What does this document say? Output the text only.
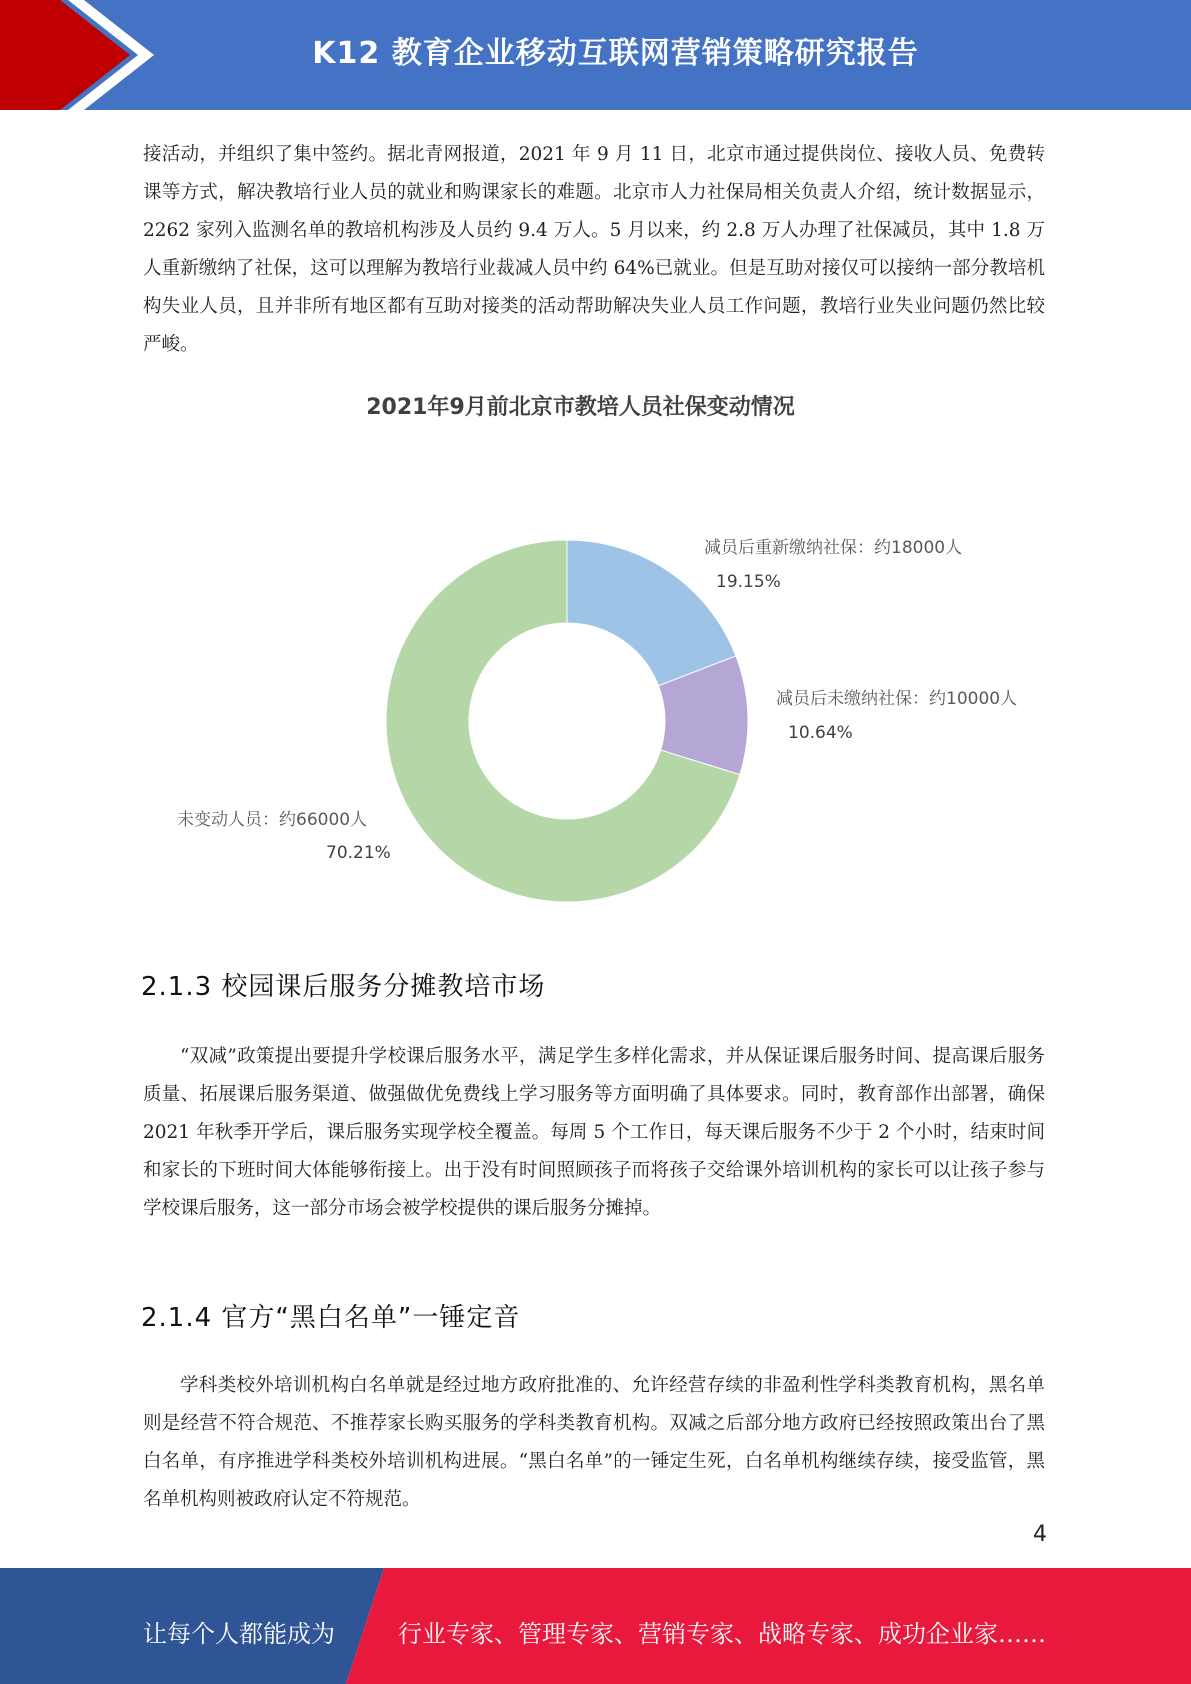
K12 教育企业移动互联网营销策略研究报告
接活动，并组织了集中签约。据北青网报道，2021 年 9 月 11 日，北京市通过提供岗位、接收人员、免费转课等方式，解决教培行业人员的就业和购课家长的难题。北京市人力社保局相关负责人介绍，统计数据显示，2262 家列入监测名单的教培机构涉及人员约 9.4 万人。5 月以来，约 2.8 万人办理了社保减员，其中 1.8 万人重新缴纳了社保，这可以理解为教培行业裁减人员中约 64%已就业。但是互助对接仅可以接纳一部分教培机构失业人员，且并非所有地区都有互助对接类的活动帮助解决失业人员工作问题，教培行业失业问题仍然比较严峻。
2021年9月前北京市教培人员社保变动情况
减员后重新缴纳社保：约18000人
19.15%
减员后未缴纳社保：约10000人
10.64%
未变动人员：约66000人
70.21%
2.1.3 校园课后服务分摊教培市场
“双减”政策提出要提升学校课后服务水平，满足学生多样化需求，并从保证课后服务时间、提高课后服务质量、拓展课后服务渠道、做强做优免费线上学习服务等方面明确了具体要求。同时，教育部作出部署，确保 2021 年秋季开学后，课后服务实现学校全覆盖。每周 5 个工作日，每天课后服务不少于 2 个小时，结束时间和家长的下班时间大体能够衔接上。出于没有时间照顾孩子而将孩子交给课外培训机构的家长可以让孩子参与学校课后服务，这一部分市场会被学校提供的课后服务分摊掉。
2.1.4 官方“黑白名单”一锤定音
学科类校外培训机构白名单就是经过地方政府批准的、允许经营存续的非盈利性学科类教育机构，黑名单则是经营不符合规范、不推荐家长购买服务的学科类教育机构。双减之后部分地方政府已经按照政策出台了黑白名单，有序推进学科类校外培训机构进展。“黑白名单”的一锤定生死，白名单机构继续存续，接受监管，黑名单机构则被政府认定不符规范。
4
让每个人都能成为	行业专家、管理专家、营销专家、战略专家、成功企业家……
